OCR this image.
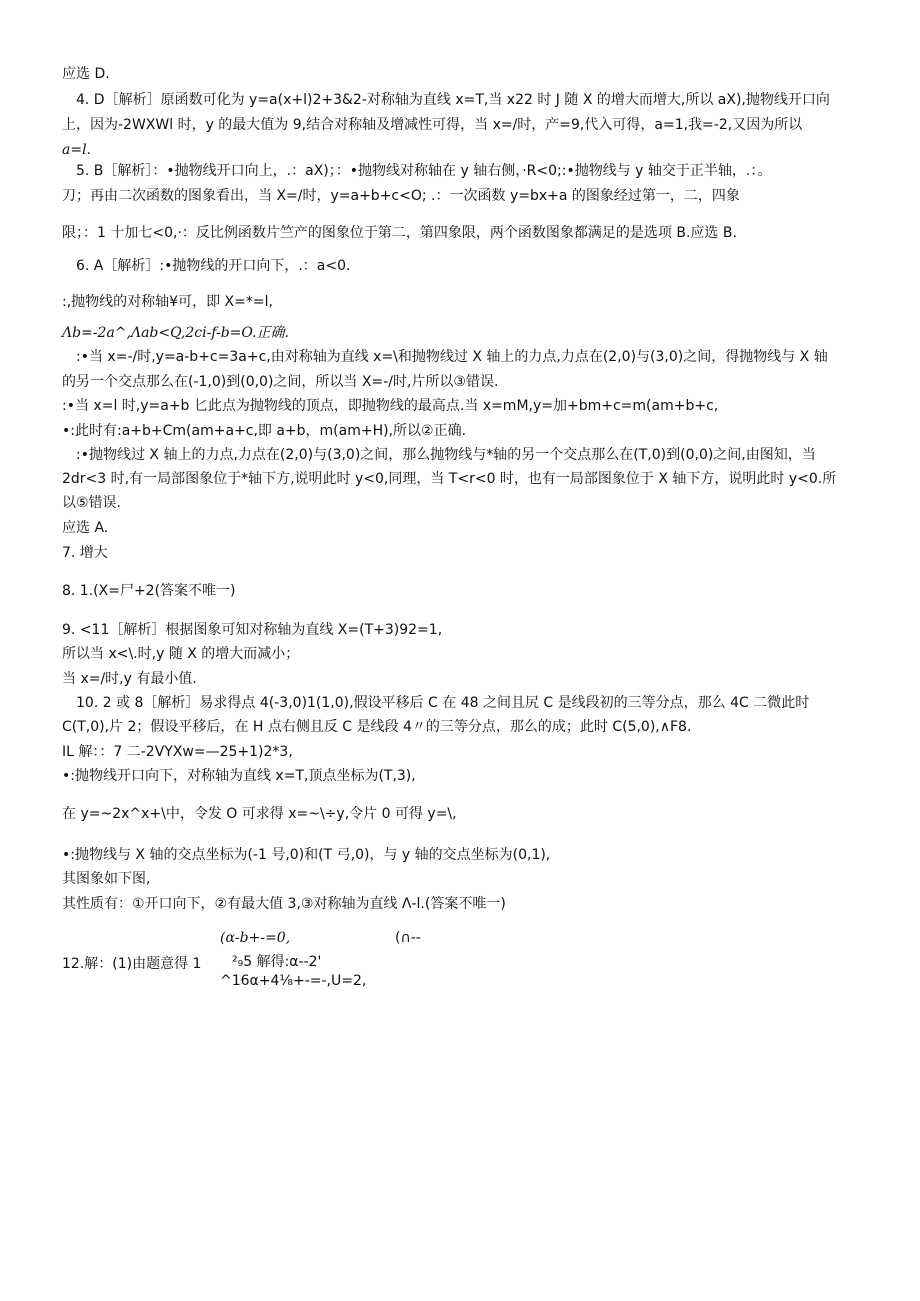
应选 D.
4. D［解析］原函数可化为 y=a(x+l)2+3&2-对称轴为直线 x=T,当 x22 时 J 随 X 的增大而增大,所以 aX),抛物线开口向
上，因为-2WXWl 时，y 的最大值为 9,结合对称轴及增减性可得，当 x=/时，产=9,代入可得，a=1,我=-2,又因为所以
a=l.
5. B［解析］：•抛物线开口向上，.：aX)；：•抛物线对称轴在 y 轴右侧，·R<0;:•抛物线与 y 轴交于正半轴，.：。
刀；再由二次函数的图象看出，当 X=/时，y=a+b+c<O; .：一次函数 y=bx+a 的图象经过第一，二，四象
限；：1 十加七<0,·：反比例函数片竺产的图象位于第二，第四象限，两个函数图象都满足的是选项 B.应选 B.
6. A［解析］:•抛物线的开口向下，.：a<0.
:,抛物线的对称轴¥可，即 X=*=l,
Λb=-2a^,Λab<Q,2ci-f-b=O.正确.
:•当 x=-/时,y=a-b+c=3a+c,由对称轴为直线 x=\和抛物线过 X 轴上的力点,力点在(2,0)与(3,0)之间，得抛物线与 X 轴
的另一个交点那么在(-1,0)到(0,0)之间，所以当 X=-/时,片所以③错误.
:•当 x=l 时,y=a+b 匕此点为抛物线的顶点，即抛物线的最高点.当 x=mM,y=加+bm+c=m(am+b+c,
•:此时有:a+b+Cm(am+a+c,即 a+b，m(am+H),所以②正确.
:•抛物线过 X 轴上的力点,力点在(2,0)与(3,0)之间，那么抛物线与*轴的另一个交点那么在(T,0)到(0,0)之间,由图知，当
2dr<3 时,有一局部图象位于*轴下方,说明此时 y<0,同理，当 T<r<0 时，也有一局部图象位于 X 轴下方，说明此时 y<0.所
以⑤错误.
应选 A.
7. 增大
8. 1.(X=尸+2(答案不唯一)
9. <11［解析］根据图象可知对称轴为直线 X=(T+3)92=1,
所以当 x<\.时,y 随 X 的增大而减小；
当 x=/时,y 有最小值.
10. 2 或 8［解析］易求得点 4(-3,0)1(1,0),假设平移后 C 在 48 之间且尻 C 是线段初的三等分点，那么 4C 二微此时
C(T,0),片 2；假设平移后，在 H 点右侧且反 C 是线段 4〃的三等分点，那么的成；此时 C(5,0),∧F8.
IL 解：：7 二-2VYXw=—25+1)2*3,
•:抛物线开口向下，对称轴为直线 x=T,顶点坐标为(T,3),
在 y=~2x^x+\中，令发 O 可求得 x=~\÷y,令片 0 可得 y=\,
•:抛物线与 X 轴的交点坐标为(-1 号,0)和(T 弓,0)，与 y 轴的交点坐标为(0,1),
其图象如下图,
其性质有：①开口向下，②有最大值 3,③对称轴为直线 Λ-l.(答案不唯一)
(α-b+-=0,	(∩--
12.解：(1)由题意得 1 ²₉5 解得:α--2'
^16α+4⅛+-=-,U=2,
